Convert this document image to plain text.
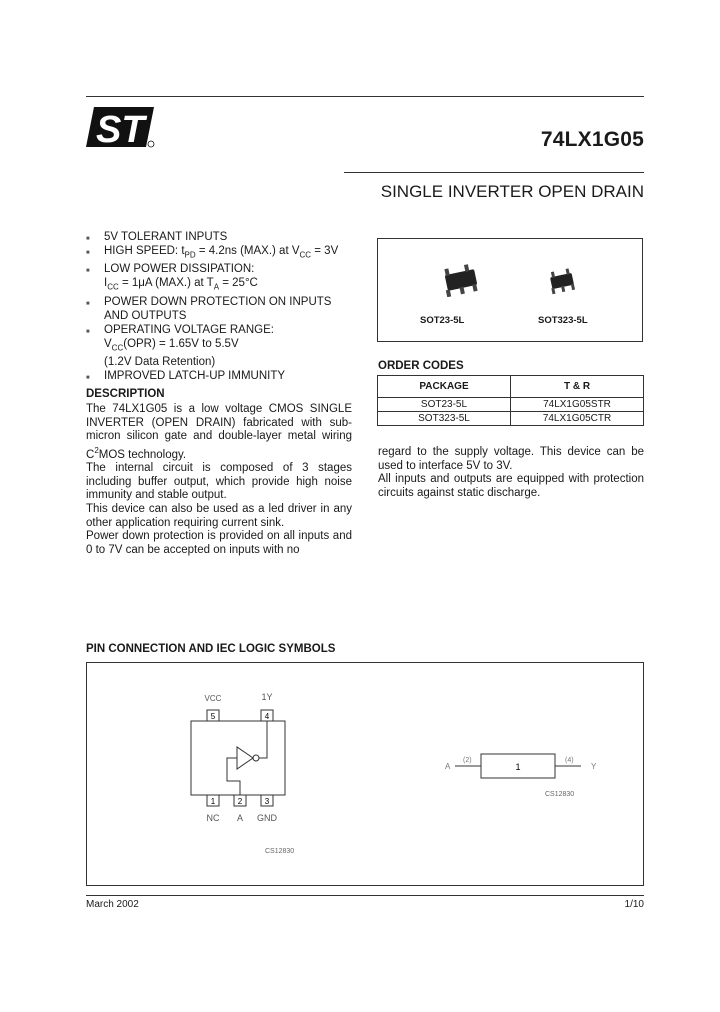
ST	74LX1G05
SINGLE INVERTER OPEN DRAIN
■ 5V TOLERANT INPUTS
■ HIGH SPEED: $t_{PD} = 4.2ns$ (MAX.) at $V_{CC} = 3V$
■ LOW POWER DISSIPATION:
$I_{CC} = 1\mu A$ (MAX.) at $T_A = 25^\circ C$
■ POWER DOWN PROTECTION ON INPUTS
AND OUTPUTS
■ OPERATING VOLTAGE RANGE:
$V_{CC}(OPR) = 1.65V$ to 5.5V
(1.2V Data Retention)
■ IMPROVED LATCH-UP IMMUNITY
DESCRIPTION

The 74LX1G05 is a low voltage CMOS SINGLE INVERTER (OPEN DRAIN) fabricated with sub-micron silicon gate and double-layer metal wiring $C^2MOS$ technology.

The internal circuit is composed of 3 stages including buffer output, which provide high noise immunity and stable output.

This device can also be used as a led driver in any other application requiring current sink.

Power down protection is provided on all inputs and 0 to 7V can be accepted on inputs with no

SOT23-5L	SOT323-5L
ORDER CODES
PACKAGE	T & R
SOT23-5L	74LX1G05STR
SOT323-5L	74LX1G05CTR

regard to the supply voltage. This device can be used to interface 5V to 3V.

All inputs and outputs are equipped with protection circuits against static discharge.

PIN CONNECTION AND IEC LOGIC SYMBOLS
5	4
1	2	3
VCC	1Y
NC A GND
1
A
(2)	(4)
Y
CS12830
CS12830
March 2002	1/10
